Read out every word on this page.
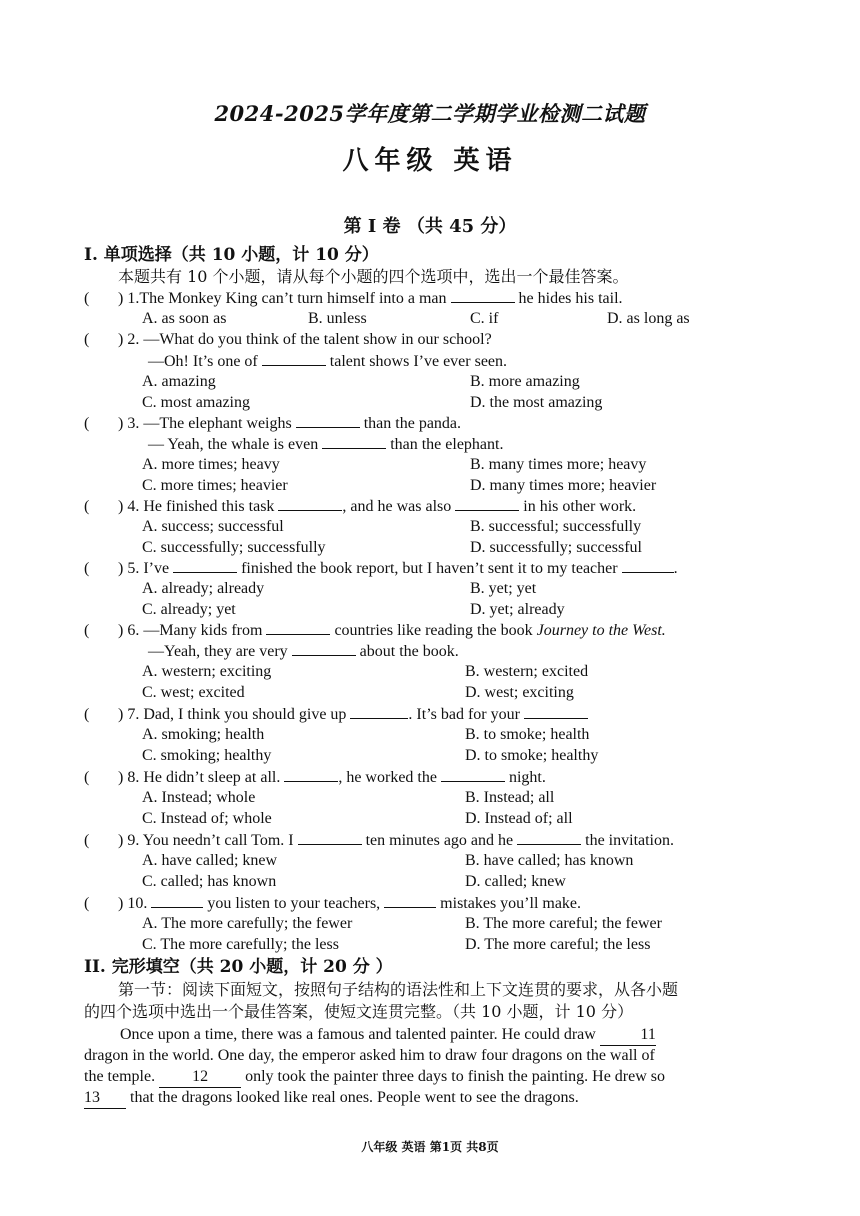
2024-2025学年度第二学期学业检测二试题
八年级 英语
第 I 卷 （共 45 分）
I. 单项选择（共 10 小题，计 10 分）
本题共有 10 个小题，请从每个小题的四个选项中，选出一个最佳答案。
( ) 1.The Monkey King can’t turn himself into a man	he hides his tail.
A. as soon as	B. unless	C. if	D. as long as
( ) 2. —What do you think of the talent show in our school?
—Oh! It’s one of	talent shows I’ve ever seen.
A. amazing	B. more amazing
C. most amazing	D. the most amazing
( ) 3. —The elephant weighs	than the panda.
— Yeah, the whale is even	than the elephant.
A. more times; heavy	B. many times more; heavy
C. more times; heavier	D. many times more; heavier
( ) 4. He finished this task	, and he was also	in his other work.
A. success; successful	B. successful; successfully
C. successfully; successfully	D. successfully; successful
( ) 5. I’ve	finished the book report, but I haven’t sent it to my teacher	.
A. already; already	B. yet; yet
C. already; yet	D. yet; already
( ) 6. —Many kids from	countries like reading the book Journey to the West.
—Yeah, they are very	about the book.
A. western; exciting	B. western; excited
C. west; excited	D. west; exciting
( ) 7. Dad, I think you should give up	. It’s bad for your
A. smoking; health	B. to smoke; health
C. smoking; healthy	D. to smoke; healthy
( ) 8. He didn’t sleep at all.	, he worked the	night.
A. Instead; whole	B. Instead; all
C. Instead of; whole	D. Instead of; all
( ) 9. You needn’t call Tom. I	ten minutes ago and he	the invitation.
A. have called; knew	B. have called; has known
C. called; has known	D. called; knew
( ) 10.	you listen to your teachers,	mistakes you’ll make.
A. The more carefully; the fewer	B. The more careful; the fewer
C. The more carefully; the less	D. The more careful; the less
II. 完形填空（共 20 小题，计 20 分 ）
第一节：阅读下面短文，按照句子结构的语法性和上下文连贯的要求，从各小题
的四个选项中选出一个最佳答案，使短文连贯完整。（共 10 小题，计 10 分）
Once upon a time, there was a famous and talented painter. He could draw	11
dragon in the world. One day, the emperor asked him to draw four dragons on the wall of
the temple. 12 only took the painter three days to finish the painting. He drew so
13 that the dragons looked like real ones. People went to see the dragons.
八年级 英语 第1页 共8页
